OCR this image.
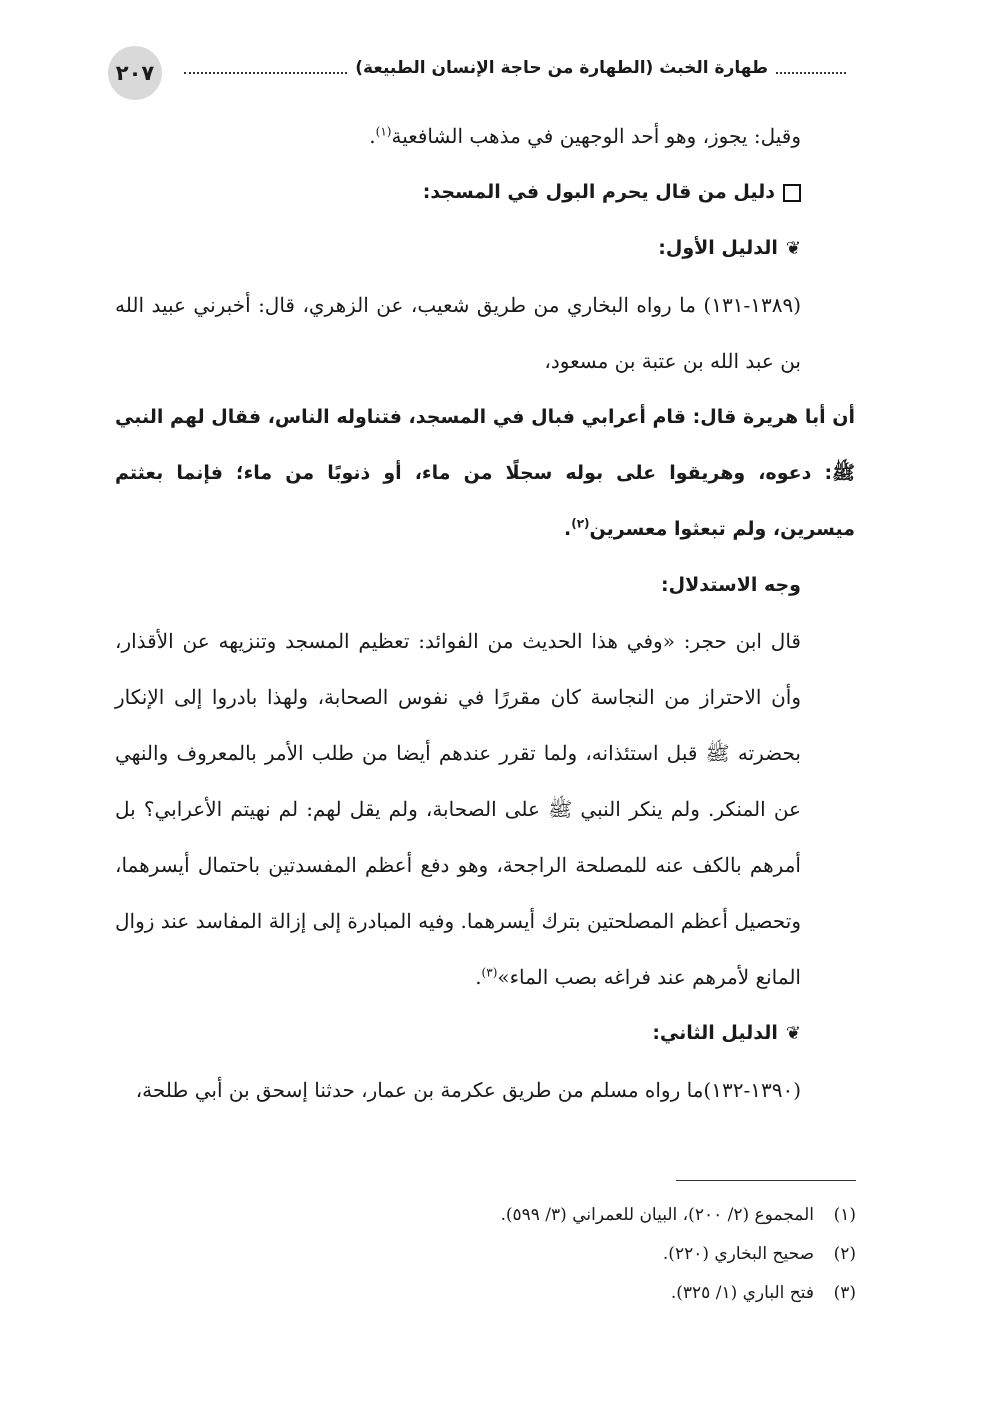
٢٠٧	طهارة الخبث (الطهارة من حاجة الإنسان الطبيعة)

وقيل: يجوز، وهو أحد الوجهين في مذهب الشافعية$^{(١)}$.

دليل من قال يحرم البول في المسجد:

❦الدليل الأول:

(١٣٨٩-١٣١) ما رواه البخاري من طريق شعيب، عن الزهري، قال: أخبرني عبيد الله بن عبد الله بن عتبة بن مسعود،

أن أبا هريرة قال: قام أعرابي فبال في المسجد، فتناوله الناس، فقال لهم النبي ﷺ: دعوه، وهريقوا على بوله سجلًا من ماء، أو ذنوبًا من ماء؛ فإنما بعثتم ميسرين، ولم تبعثوا معسرين$^{(٢)}$.

وجه الاستدلال:

قال ابن حجر: «وفي هذا الحديث من الفوائد: تعظيم المسجد وتنزيهه عن الأقذار، وأن الاحتراز من النجاسة كان مقررًا في نفوس الصحابة، ولهذا بادروا إلى الإنكار بحضرته ﷺ قبل استئذانه، ولما تقرر عندهم أيضا من طلب الأمر بالمعروف والنهي عن المنكر. ولم ينكر النبي ﷺ على الصحابة، ولم يقل لهم: لم نهيتم الأعرابي؟ بل أمرهم بالكف عنه للمصلحة الراجحة، وهو دفع أعظم المفسدتين باحتمال أيسرهما، وتحصيل أعظم المصلحتين بترك أيسرهما. وفيه المبادرة إلى إزالة المفاسد عند زوال المانع لأمرهم عند فراغه بصب الماء»$^{(٣)}$.

❦الدليل الثاني:

(١٣٩٠-١٣٢)ما رواه مسلم من طريق عكرمة بن عمار، حدثنا إسحق بن أبي طلحة،

(١)
المجموع (٢/ ٢٠٠)، البيان للعمراني (٣/ ٥٩٩).
(٢)
صحيح البخاري (٢٢٠).
(٣)
فتح الباري (١/ ٣٢٥).
